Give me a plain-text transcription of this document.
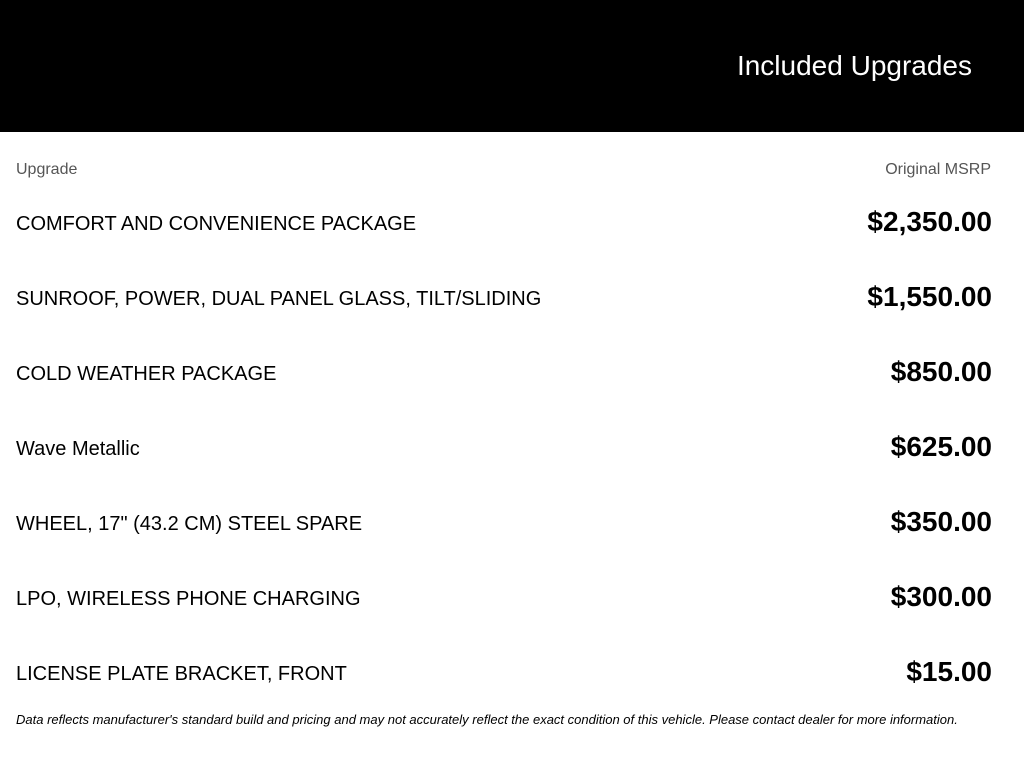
Included Upgrades
Upgrade	Original MSRP
COMFORT AND CONVENIENCE PACKAGE	$2,350.00
SUNROOF, POWER, DUAL PANEL GLASS, TILT/SLIDING	$1,550.00
COLD WEATHER PACKAGE	$850.00
Wave Metallic	$625.00
WHEEL, 17" (43.2 CM) STEEL SPARE	$350.00
LPO, WIRELESS PHONE CHARGING	$300.00
LICENSE PLATE BRACKET, FRONT	$15.00
Data reflects manufacturer's standard build and pricing and may not accurately reflect the exact condition of this vehicle. Please contact dealer for more information.
